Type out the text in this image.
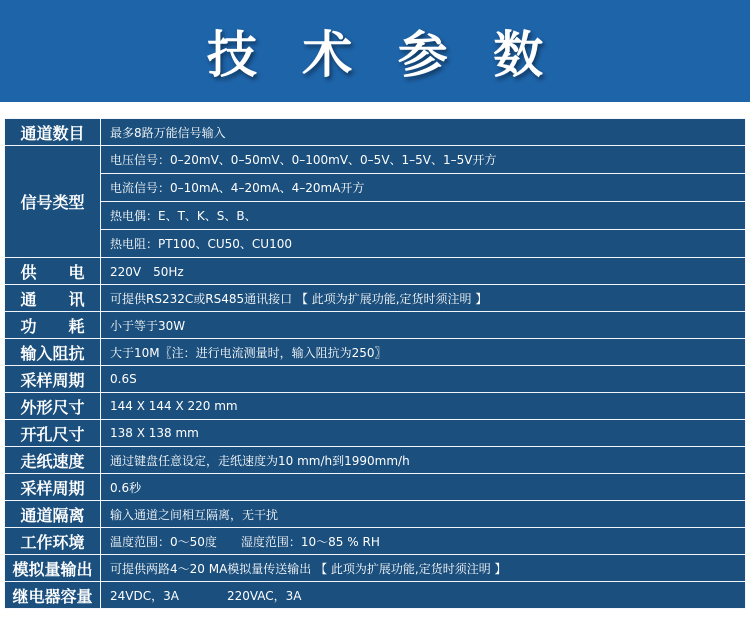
技 术 参 数
通道数目	最多8路万能信号输入
信号类型	电压信号：0–20mV、0–50mV、0–100mV、0–5V、1–5V、1–5V开方
	电流信号：0–10mA、4–20mA、4–20mA开方
	热电偶：E、T、K、S、B、
	热电阻：PT100、CU50、CU100
供　　电	220V　50Hz
通　　讯	可提供RS232C或RS485通讯接口 【 此项为扩展功能,定货时须注明 】
功　　耗	小于等于30W
输入阻抗	大于10M〖注：进行电流测量时，输入阻抗为250〗
采样周期	0.6S
外形尺寸	144 X 144 X 220 mm
开孔尺寸	138 X 138 mm
走纸速度	通过键盘任意设定，走纸速度为10 mm/h到1990mm/h
采样周期	0.6秒
通道隔离	输入通道之间相互隔离，无干扰
工作环境	温度范围：0～50度　　湿度范围：10～85 % RH
模拟量输出	可提供两路4～20 MA模拟量传送输出 【 此项为扩展功能,定货时须注明 】
继电器容量	24VDC，3A　　　　220VAC，3A
